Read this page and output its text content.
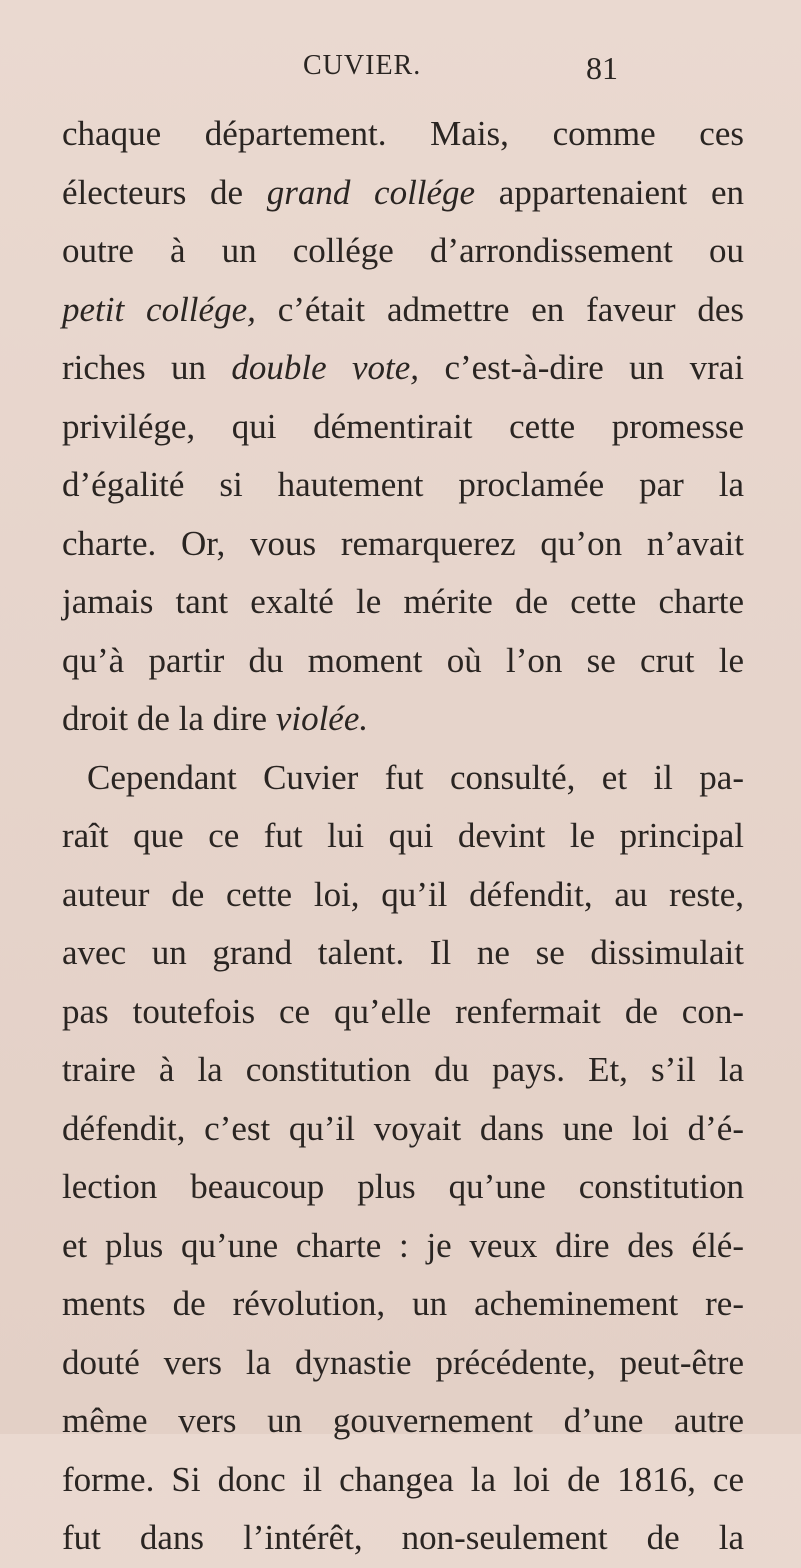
CUVIER.	81
chaque département. Mais, comme ces
électeurs de grand collége appartenaient en
outre à un collége d’arrondissement ou
petit collége, c’était admettre en faveur des
riches un double vote, c’est-à-dire un vrai
privilége, qui démentirait cette promesse
d’égalité si hautement proclamée par la
charte. Or, vous remarquerez qu’on n’avait
jamais tant exalté le mérite de cette charte
qu’à partir du moment où l’on se crut le
droit de la dire violée.
Cependant Cuvier fut consulté, et il pa-
raît que ce fut lui qui devint le principal
auteur de cette loi, qu’il défendit, au reste,
avec un grand talent. Il ne se dissimulait
pas toutefois ce qu’elle renfermait de con-
traire à la constitution du pays. Et, s’il la
défendit, c’est qu’il voyait dans une loi d’é-
lection beaucoup plus qu’une constitution
et plus qu’une charte : je veux dire des élé-
ments de révolution, un acheminement re-
douté vers la dynastie précédente, peut-être
même vers un gouvernement d’une autre
forme. Si donc il changea la loi de 1816, ce
fut dans l’intérêt, non-seulement de la
